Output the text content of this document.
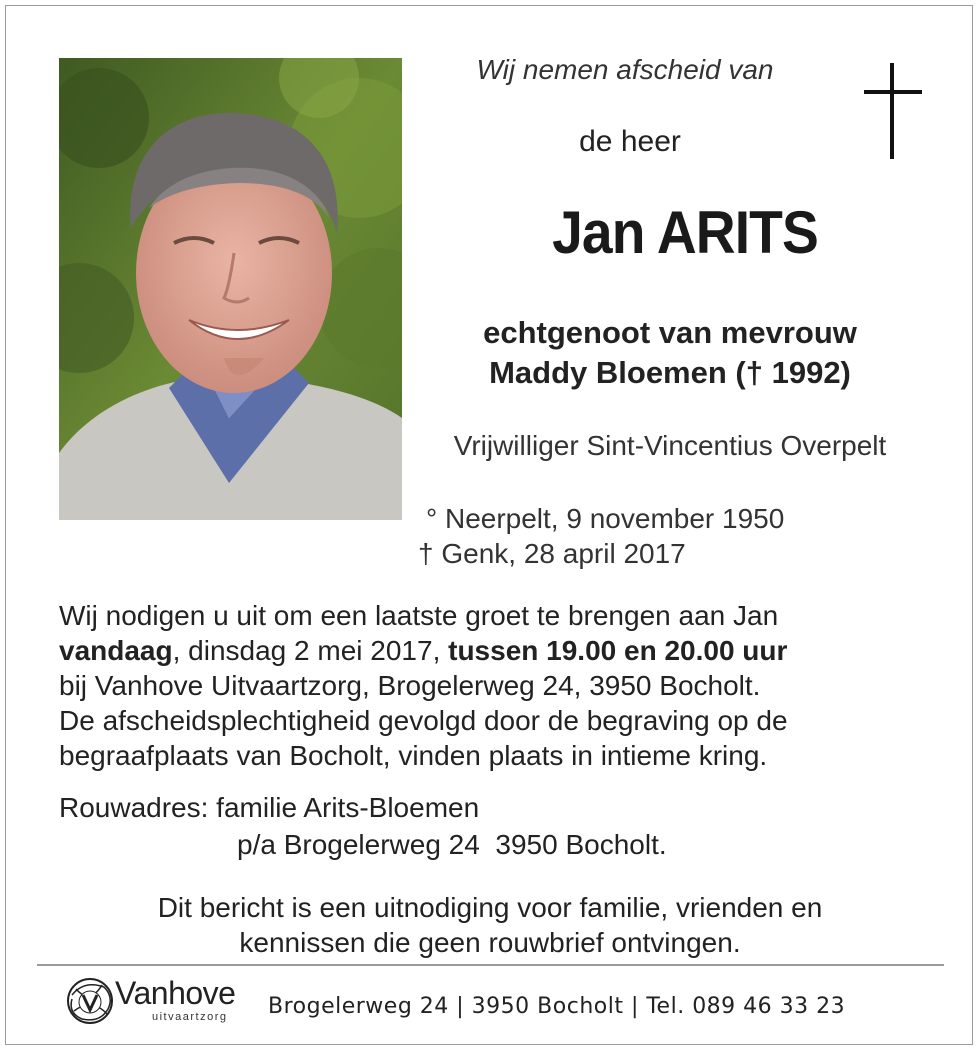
Wij nemen afscheid van
de heer
Jan ARITS
echtgenoot van mevrouw
Maddy Bloemen († 1992)
Vrijwilliger Sint-Vincentius Overpelt
° Neerpelt, 9 november 1950
† Genk, 28 april 2017
Wij nodigen u uit om een laatste groet te brengen aan Jan
vandaag, dinsdag 2 mei 2017, tussen 19.00 en 20.00 uur
bij Vanhove Uitvaartzorg, Brogelerweg 24, 3950 Bocholt.
De afscheidsplechtigheid gevolgd door de begraving op de
begraafplaats van Bocholt, vinden plaats in intieme kring.
Rouwadres: familie Arits-Bloemen
p/a Brogelerweg 24  3950 Bocholt.
Dit bericht is een uitnodiging voor familie, vrienden en
kennissen die geen rouwbrief ontvingen.
Vanhove
uitvaartzorg Brogelerweg 24 | 3950 Bocholt | Tel. 089 46 33 23
